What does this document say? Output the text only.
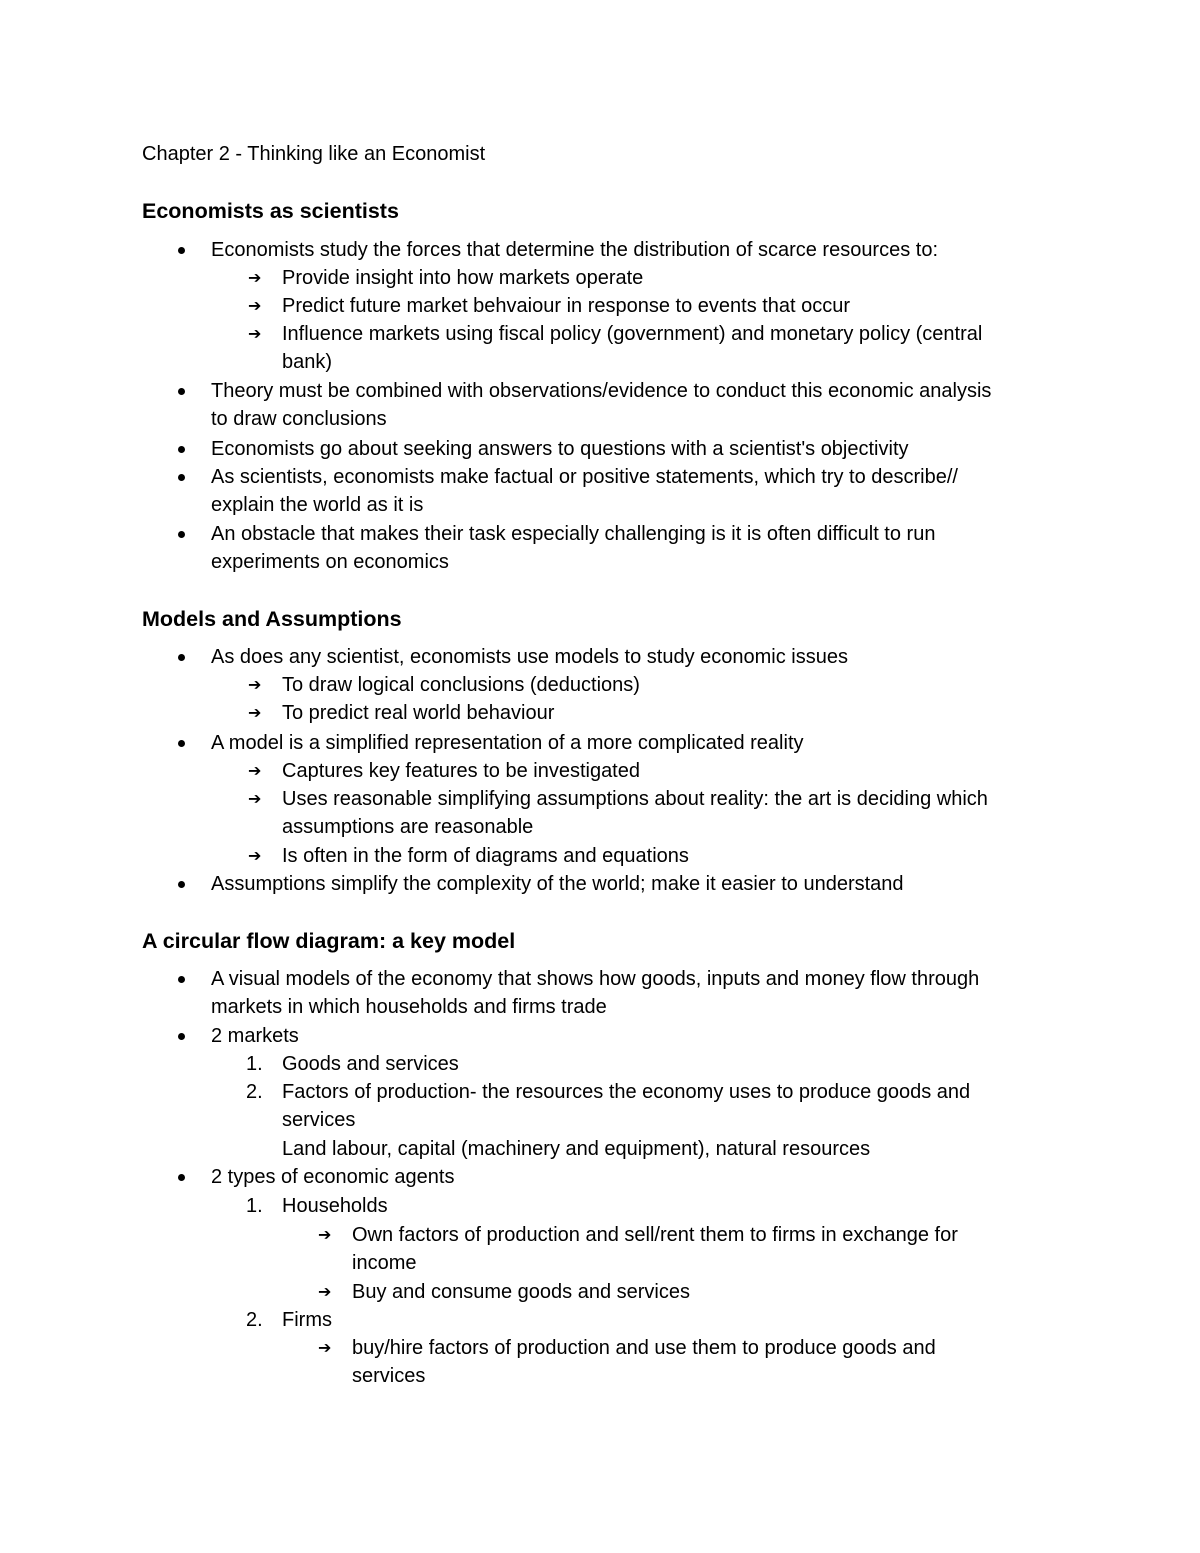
Chapter 2 - Thinking like an Economist
Economists as scientists
Economists study the forces that determine the distribution of scarce resources to:
➔ Provide insight into how markets operate
➔ Predict future market behvaiour in response to events that occur
➔ Influence markets using fiscal policy (government) and monetary policy (central
bank)
Theory must be combined with observations/evidence to conduct this economic analysis
to draw conclusions
Economists go about seeking answers to questions with a scientist's objectivity
As scientists, economists make factual or positive statements, which try to describe//
explain the world as it is
An obstacle that makes their task especially challenging is it is often difficult to run
experiments on economics
Models and Assumptions
As does any scientist, economists use models to study economic issues
➔ To draw logical conclusions (deductions)
➔ To predict real world behaviour
A model is a simplified representation of a more complicated reality
➔ Captures key features to be investigated
➔ Uses reasonable simplifying assumptions about reality: the art is deciding which
assumptions are reasonable
➔ Is often in the form of diagrams and equations
Assumptions simplify the complexity of the world; make it easier to understand
A circular flow diagram: a key model
A visual models of the economy that shows how goods, inputs and money flow through
markets in which households and firms trade
2 markets
1. Goods and services
2. Factors of production- the resources the economy uses to produce goods and
services
Land labour, capital (machinery and equipment), natural resources
2 types of economic agents
1. Households
➔ Own factors of production and sell/rent them to firms in exchange for
income
➔ Buy and consume goods and services
2. Firms
➔ buy/hire factors of production and use them to produce goods and
services
